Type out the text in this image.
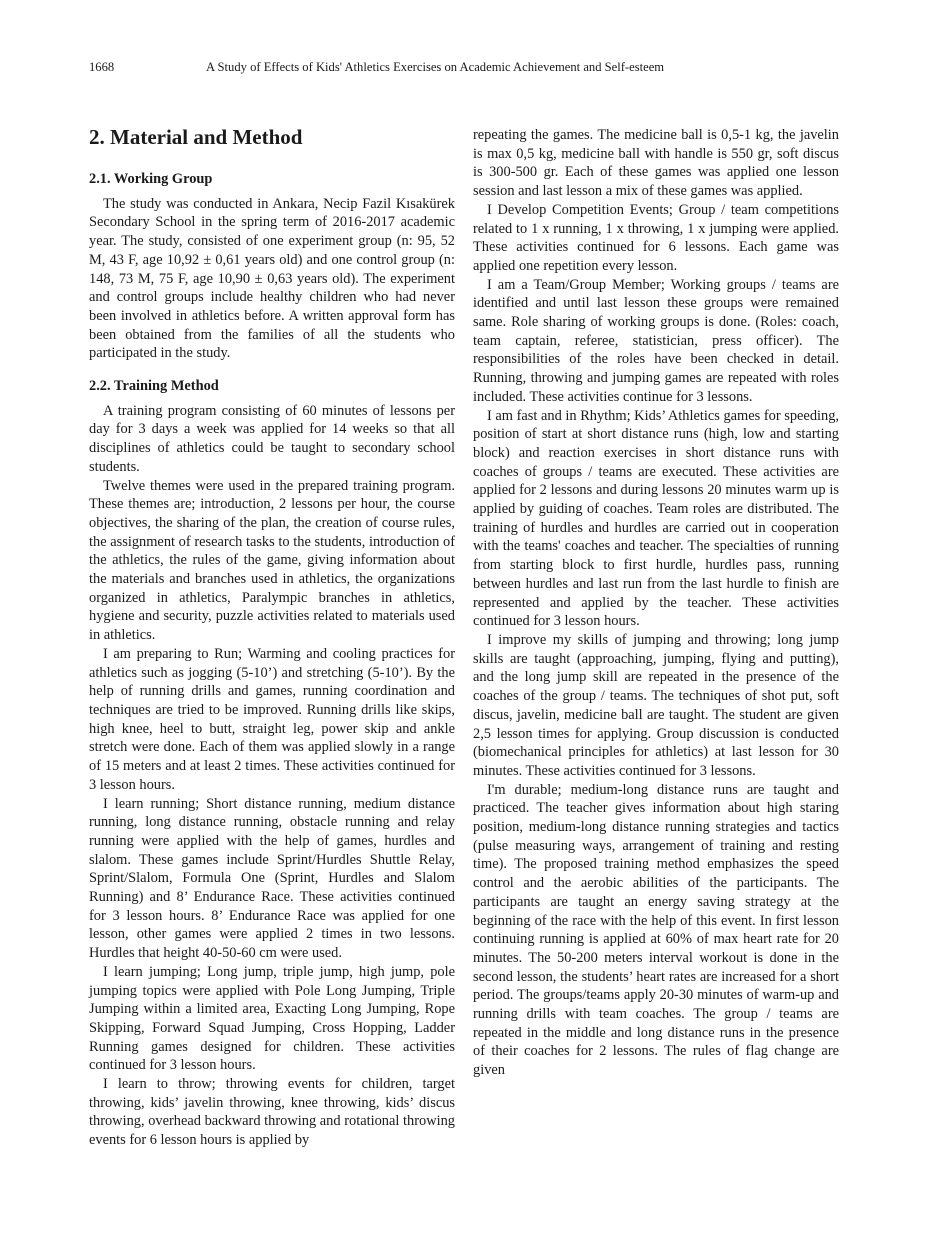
1668	A Study of Effects of Kids' Athletics Exercises on Academic Achievement and Self-esteem
2. Material and Method
2.1. Working Group

The study was conducted in Ankara, Necip Fazil Kısakürek Secondary School in the spring term of 2016-2017 academic year. The study, consisted of one experiment group (n: 95, 52 M, 43 F, age 10,92 ± 0,61 years old) and one control group (n: 148, 73 M, 75 F, age 10,90 ± 0,63 years old). The experiment and control groups include healthy children who had never been involved in athletics before. A written approval form has been obtained from the families of all the students who participated in the study.

2.2. Training Method

A training program consisting of 60 minutes of lessons per day for 3 days a week was applied for 14 weeks so that all disciplines of athletics could be taught to secondary school students.

Twelve themes were used in the prepared training program. These themes are; introduction, 2 lessons per hour, the course objectives, the sharing of the plan, the creation of course rules, the assignment of research tasks to the students, introduction of the athletics, the rules of the game, giving information about the materials and branches used in athletics, the organizations organized in athletics, Paralympic branches in athletics, hygiene and security, puzzle activities related to materials used in athletics.

I am preparing to Run; Warming and cooling practices for athletics such as jogging (5-10’) and stretching (5-10’). By the help of running drills and games, running coordination and techniques are tried to be improved. Running drills like skips, high knee, heel to butt, straight leg, power skip and ankle stretch were done. Each of them was applied slowly in a range of 15 meters and at least 2 times. These activities continued for 3 lesson hours.

I learn running; Short distance running, medium distance running, long distance running, obstacle running and relay running were applied with the help of games, hurdles and slalom. These games include Sprint/Hurdles Shuttle Relay, Sprint/Slalom, Formula One (Sprint, Hurdles and Slalom Running) and 8’ Endurance Race. These activities continued for 3 lesson hours. 8’ Endurance Race was applied for one lesson, other games were applied 2 times in two lessons. Hurdles that height 40-50-60 cm were used.

I learn jumping; Long jump, triple jump, high jump, pole jumping topics were applied with Pole Long Jumping, Triple Jumping within a limited area, Exacting Long Jumping, Rope Skipping, Forward Squad Jumping, Cross Hopping, Ladder Running games designed for children. These activities continued for 3 lesson hours.

I learn to throw; throwing events for children, target throwing, kids’ javelin throwing, knee throwing, kids’ discus throwing, overhead backward throwing and rotational throwing events for 6 lesson hours is applied by

repeating the games. The medicine ball is 0,5-1 kg, the javelin is max 0,5 kg, medicine ball with handle is 550 gr, soft discus is 300-500 gr. Each of these games was applied one lesson session and last lesson a mix of these games was applied.

I Develop Competition Events; Group / team competitions related to 1 x running, 1 x throwing, 1 x jumping were applied. These activities continued for 6 lessons. Each game was applied one repetition every lesson.

I am a Team/Group Member; Working groups / teams are identified and until last lesson these groups were remained same. Role sharing of working groups is done. (Roles: coach, team captain, referee, statistician, press officer). The responsibilities of the roles have been checked in detail. Running, throwing and jumping games are repeated with roles included. These activities continue for 3 lessons.

I am fast and in Rhythm; Kids’ Athletics games for speeding, position of start at short distance runs (high, low and starting block) and reaction exercises in short distance runs with coaches of groups / teams are executed. These activities are applied for 2 lessons and during lessons 20 minutes warm up is applied by guiding of coaches. Team roles are distributed. The training of hurdles and hurdles are carried out in cooperation with the teams' coaches and teacher. The specialties of running from starting block to first hurdle, hurdles pass, running between hurdles and last run from the last hurdle to finish are represented and applied by the teacher. These activities continued for 3 lesson hours.

I improve my skills of jumping and throwing; long jump skills are taught (approaching, jumping, flying and putting), and the long jump skill are repeated in the presence of the coaches of the group / teams. The techniques of shot put, soft discus, javelin, medicine ball are taught. The student are given 2,5 lesson times for applying. Group discussion is conducted (biomechanical principles for athletics) at last lesson for 30 minutes. These activities continued for 3 lessons.

I'm durable; medium-long distance runs are taught and practiced. The teacher gives information about high staring position, medium-long distance running strategies and tactics (pulse measuring ways, arrangement of training and resting time). The proposed training method emphasizes the speed control and the aerobic abilities of the participants. The participants are taught an energy saving strategy at the beginning of the race with the help of this event. In first lesson continuing running is applied at 60% of max heart rate for 20 minutes. The 50-200 meters interval workout is done in the second lesson, the students’ heart rates are increased for a short period. The groups/teams apply 20-30 minutes of warm-up and running drills with team coaches. The group / teams are repeated in the middle and long distance runs in the presence of their coaches for 2 lessons. The rules of flag change are given
